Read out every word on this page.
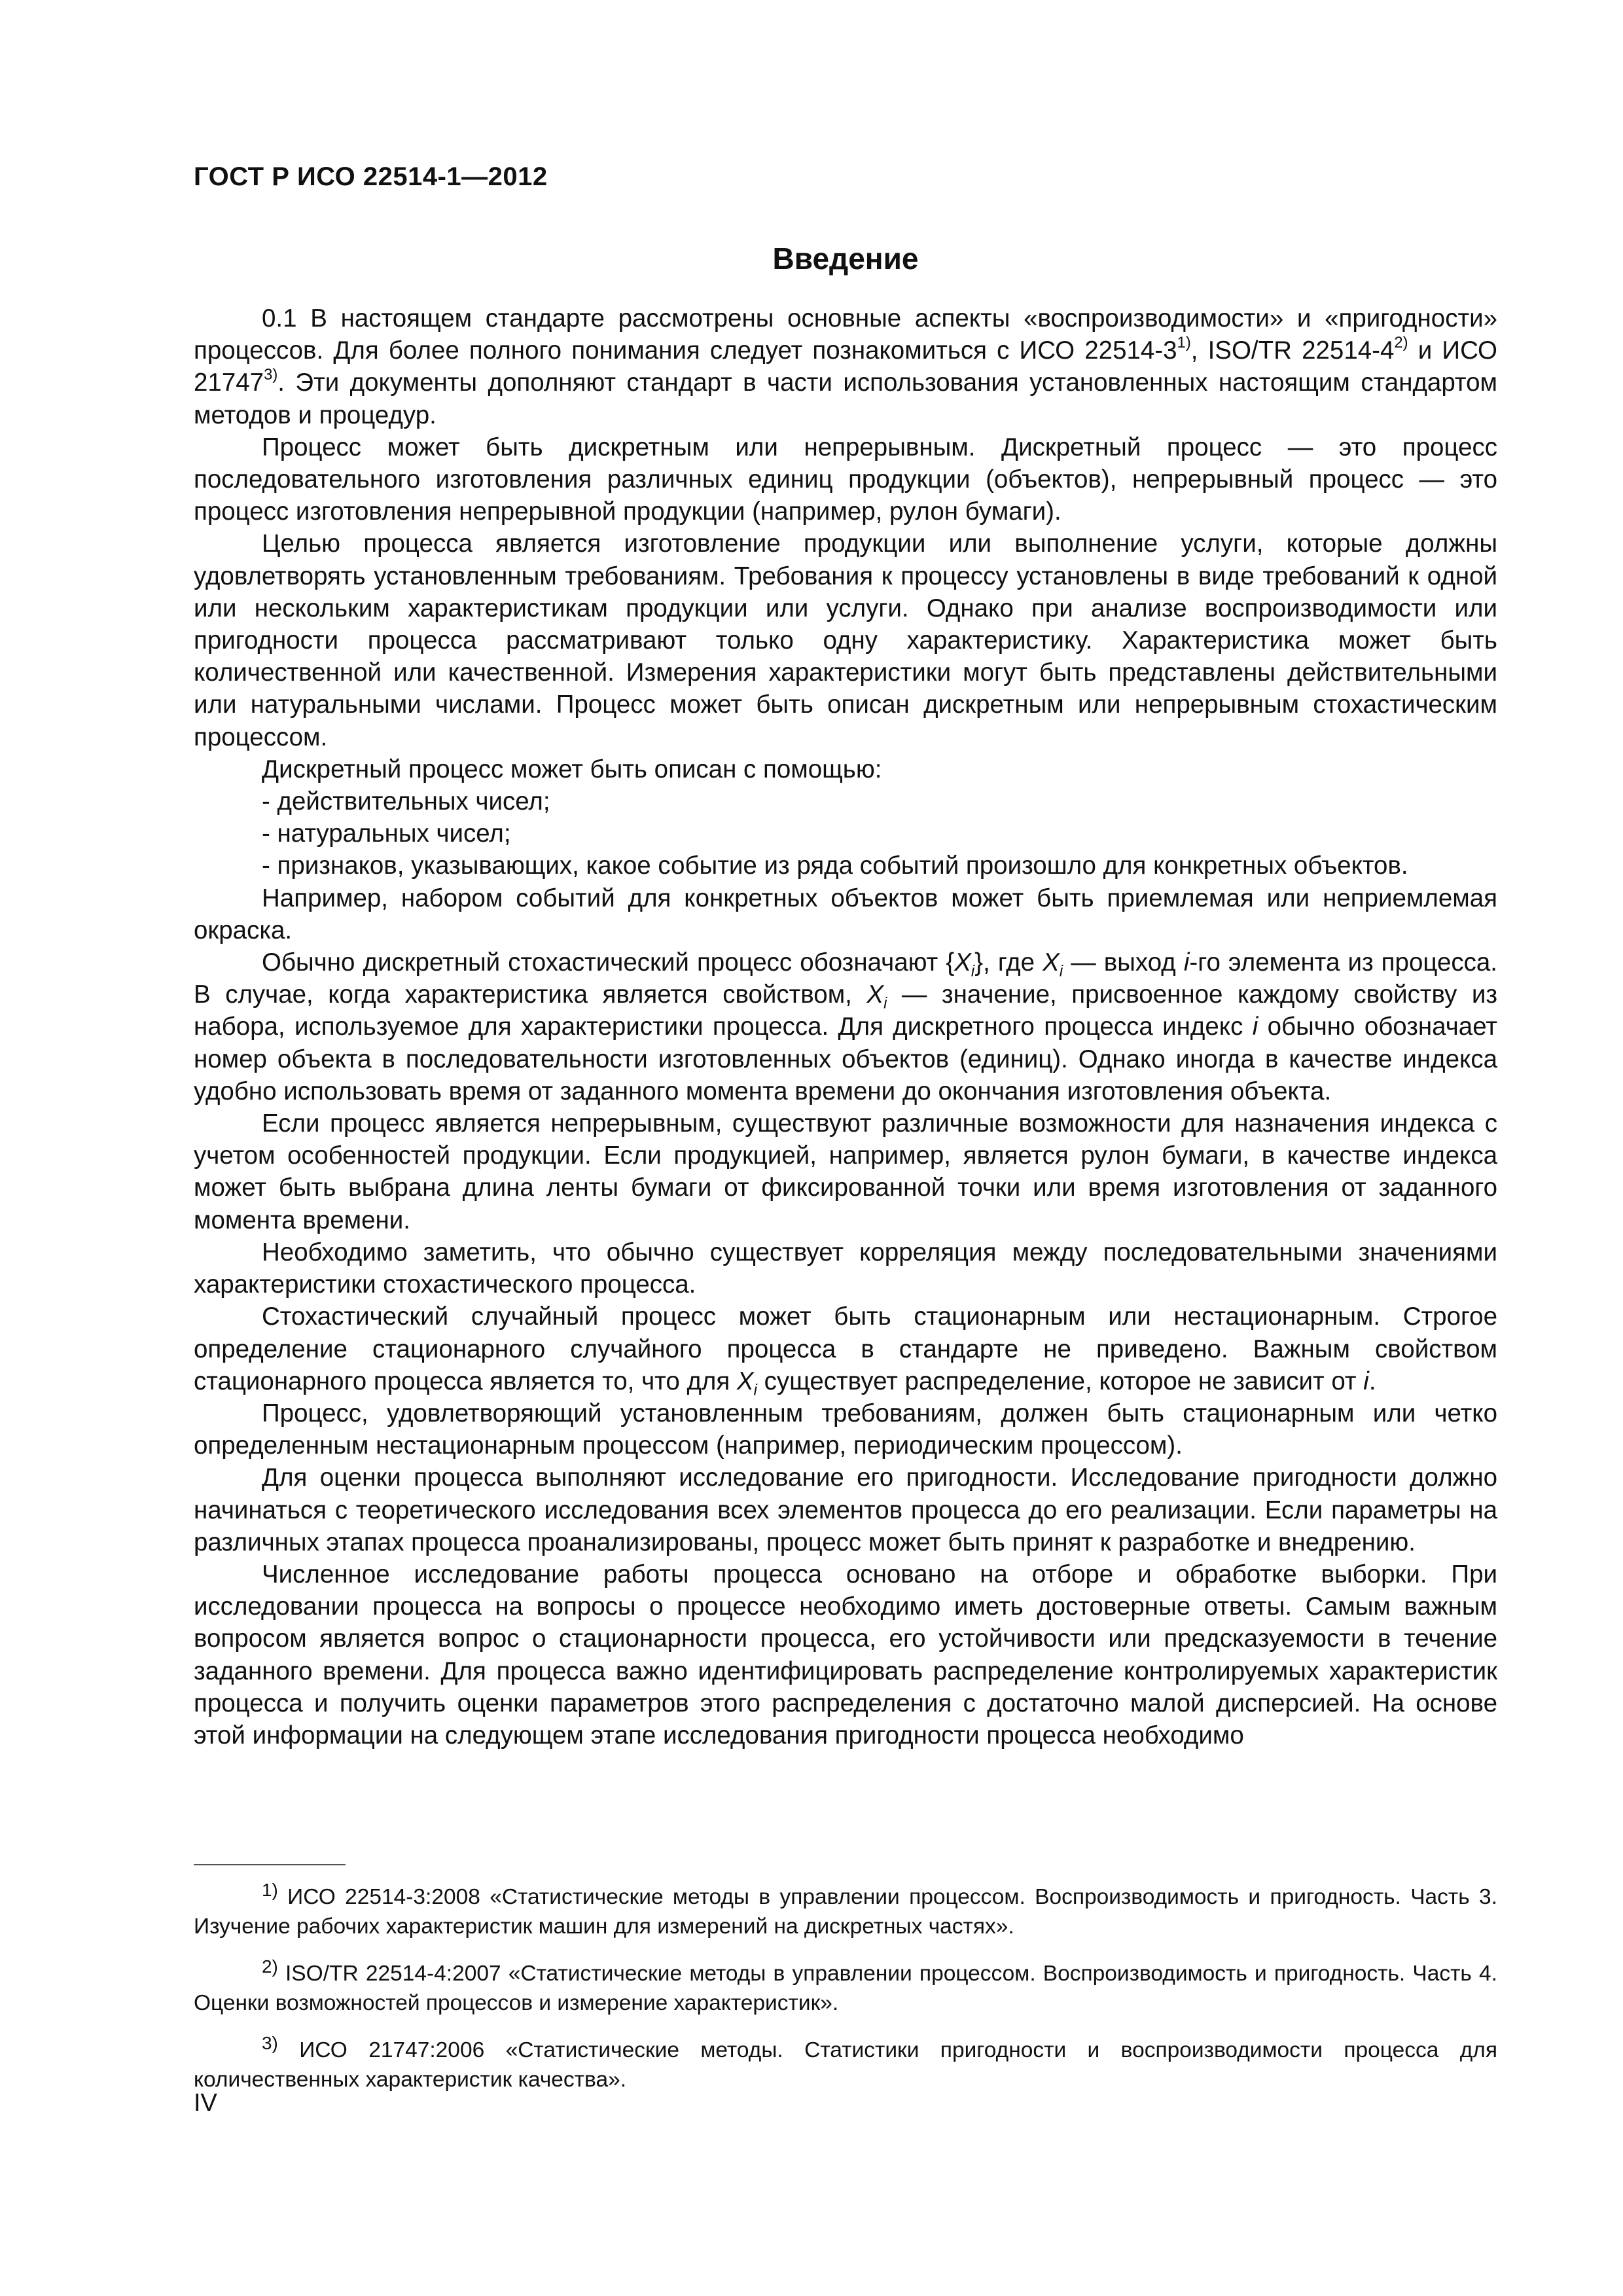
ГОСТ Р ИСО 22514-1—2012
Введение

0.1 В настоящем стандарте рассмотрены основные аспекты «воспроизводимости» и «пригодности» процессов. Для более полного понимания следует познакомиться с ИСО 22514-3$^{1)}$, ISO/TR 22514-4$^{2)}$ и ИСО 21747$^{3)}$. Эти документы дополняют стандарт в части использования установленных настоящим стандартом методов и процедур.

Процесс может быть дискретным или непрерывным. Дискретный процесс — это процесс последовательного изготовления различных единиц продукции (объектов), непрерывный процесс — это процесс изготовления непрерывной продукции (например, рулон бумаги).

Целью процесса является изготовление продукции или выполнение услуги, которые должны удовлетворять установленным требованиям. Требования к процессу установлены в виде требований к одной или нескольким характеристикам продукции или услуги. Однако при анализе воспроизводимости или пригодности процесса рассматривают только одну характеристику. Характеристика может быть количественной или качественной. Измерения характеристики могут быть представлены действительными или натуральными числами. Процесс может быть описан дискретным или непрерывным стохастическим процессом.

Дискретный процесс может быть описан с помощью:

- действительных чисел;

- натуральных чисел;

- признаков, указывающих, какое событие из ряда событий произошло для конкретных объектов.

Например, набором событий для конкретных объектов может быть приемлемая или неприемлемая окраска.

Обычно дискретный стохастический процесс обозначают $\{X_i\}$, где $X_i$ — выход i-го элемента из процесса. В случае, когда характеристика является свойством, $X_i$ — значение, присвоенное каждому свойству из набора, используемое для характеристики процесса. Для дискретного процесса индекс i обычно обозначает номер объекта в последовательности изготовленных объектов (единиц). Однако иногда в качестве индекса удобно использовать время от заданного момента времени до окончания изготовления объекта.

Если процесс является непрерывным, существуют различные возможности для назначения индекса с учетом особенностей продукции. Если продукцией, например, является рулон бумаги, в качестве индекса может быть выбрана длина ленты бумаги от фиксированной точки или время изготовления от заданного момента времени.

Необходимо заметить, что обычно существует корреляция между последовательными значениями характеристики стохастического процесса.

Стохастический случайный процесс может быть стационарным или нестационарным. Строгое определение стационарного случайного процесса в стандарте не приведено. Важным свойством стационарного процесса является то, что для $X_i$ существует распределение, которое не зависит от i.

Процесс, удовлетворяющий установленным требованиям, должен быть стационарным или четко определенным нестационарным процессом (например, периодическим процессом).

Для оценки процесса выполняют исследование его пригодности. Исследование пригодности должно начинаться с теоретического исследования всех элементов процесса до его реализации. Если параметры на различных этапах процесса проанализированы, процесс может быть принят к разработке и внедрению.

Численное исследование работы процесса основано на отборе и обработке выборки. При исследовании процесса на вопросы о процессе необходимо иметь достоверные ответы. Самым важным вопросом является вопрос о стационарности процесса, его устойчивости или предсказуемости в течение заданного времени. Для процесса важно идентифицировать распределение контролируемых характеристик процесса и получить оценки параметров этого распределения с достаточно малой дисперсией. На основе этой информации на следующем этапе исследования пригодности процесса необходимо

$^{1)}$ ИСО 22514-3:2008 «Статистические методы в управлении процессом. Воспроизводимость и пригодность. Часть 3. Изучение рабочих характеристик машин для измерений на дискретных частях».

$^{2)}$ ISO/TR 22514-4:2007 «Статистические методы в управлении процессом. Воспроизводимость и пригодность. Часть 4. Оценки возможностей процессов и измерение характеристик».

$^{3)}$ ИСО 21747:2006 «Статистические методы. Статистики пригодности и воспроизводимости процесса для количественных характеристик качества».

IV
